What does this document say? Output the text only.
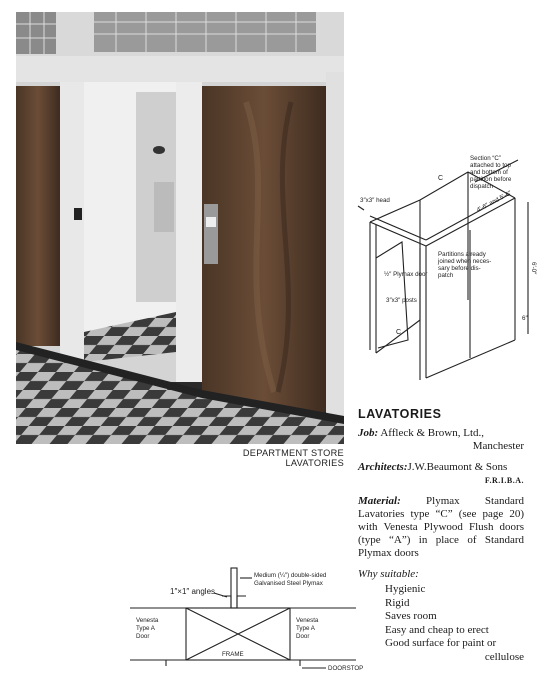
DEPARTMENT STORE LAVATORIES
Section “C”
attached to top
and bottom of
partition before
dispatch
3″x3″ head	4′-6″ and 5′-6″
6′-0″
6″
½″ Plymax door
Partitions already
joined when neces-
sary before dis-
patch
3″x3″ posts
C
C
LAVATORIES
Job: Affleck & Brown, Ltd.,
Manchester
Architects:J.W.Beaumont & Sons
F.R.I.B.A.
Material: Plymax Standard Lavatories type “C” (see page 20) with Venesta Plywood Flush doors (type “A”) in place of Standard Plymax doors
Why suitable:
Hygienic
Rigid
Saves room
Easy and cheap to erect
Good surface for paint or
cellulose
1″×1″ angles
Medium (¼″) double-sided
Galvanised Steel Plymax
Venesta
Type A
Door
Venesta
Type A
Door
FRAME
DOORSTOP
